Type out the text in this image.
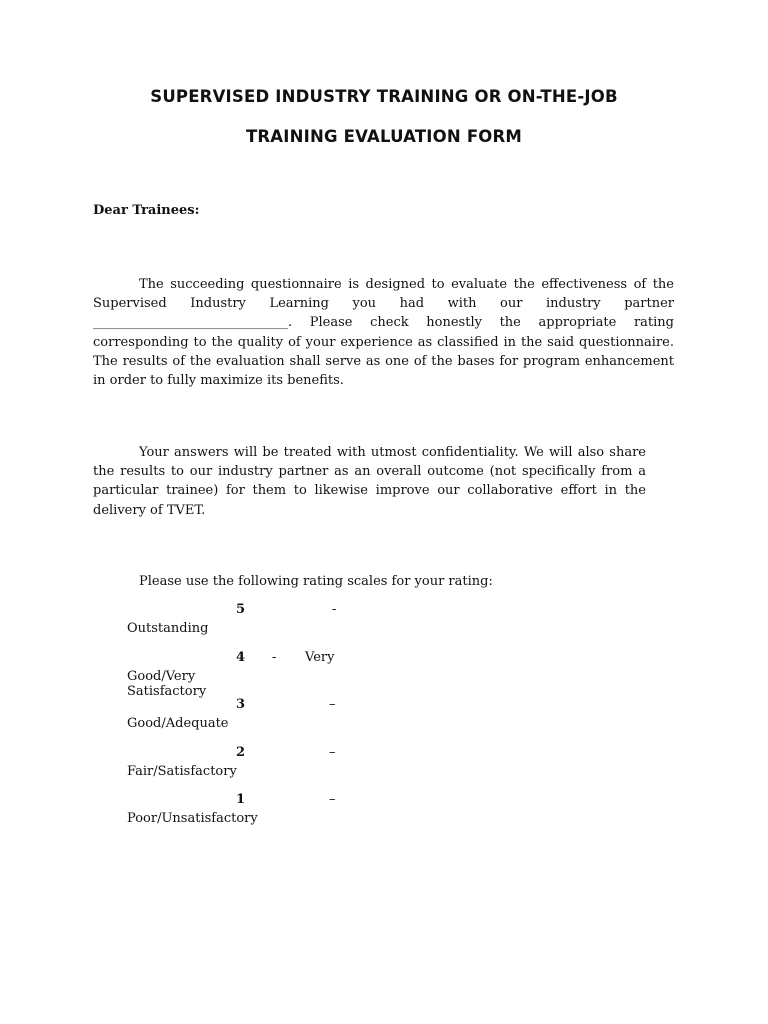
SUPERVISED INDUSTRY TRAINING OR ON-THE-JOB
TRAINING EVALUATION FORM

Dear Trainees:

The succeeding questionnaire is designed to evaluate the effectiveness of the Supervised Industry Learning you had with our industry partner ______________________________. Please check honestly the appropriate rating corresponding to the quality of your experience as classified in the said questionnaire. The results of the evaluation shall serve as one of the bases for program enhancement in order to fully maximize its benefits.

Your answers will be treated with utmost confidentiality. We will also share the results to our industry partner as an overall outcome (not specifically from a particular trainee) for them to likewise improve our collaborative effort in the delivery of TVET.

Please use the following rating scales for your rating:

5	-
Outstanding
4 - Very
Good/Very Satisfactory
3	–
Good/Adequate
2	–
Fair/Satisfactory
1	–
Poor/Unsatisfactory
